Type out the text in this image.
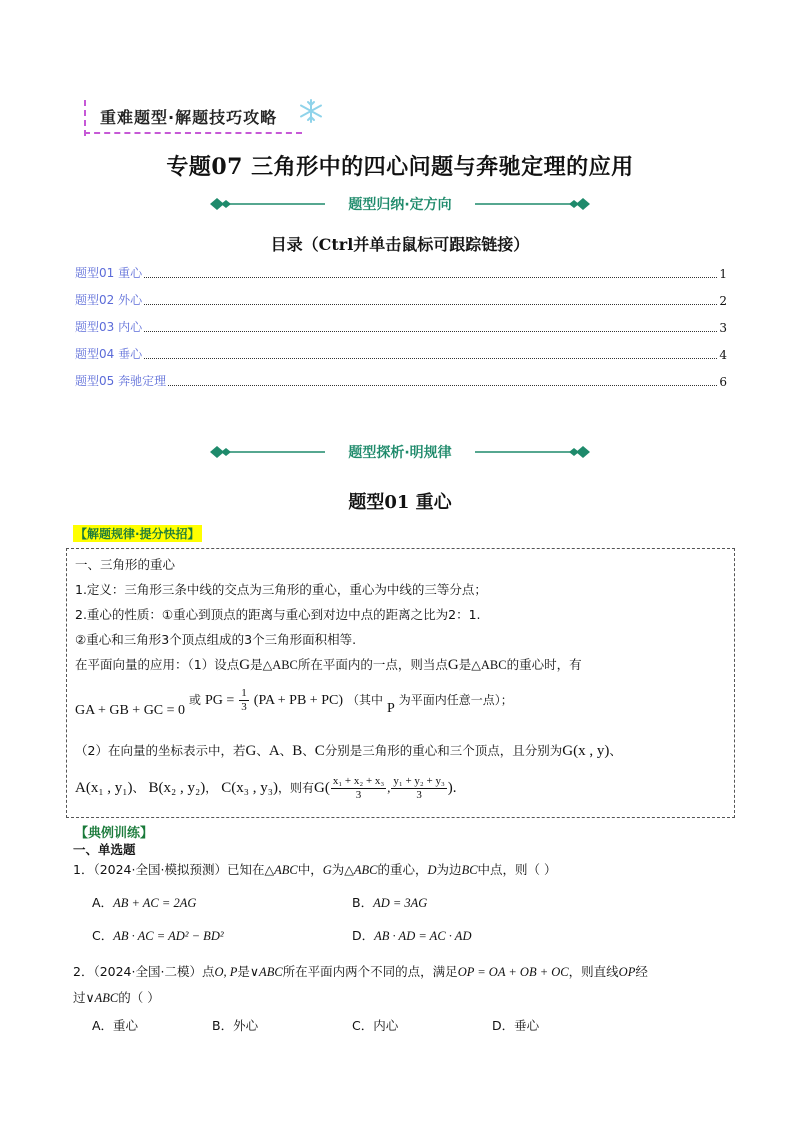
重难题型·解题技巧攻略
专题07 三角形中的四心问题与奔驰定理的应用
题型归纳·定方向
目录（Ctrl并单击鼠标可跟踪链接）
题型01 重心	1
题型02 外心	2
题型03 内心	3
题型04 垂心	4
题型05 奔驰定理	6
题型探析·明规律
题型01 重心
【解题规律·提分快招】
一、三角形的重心
1.定义：三角形三条中线的交点为三角形的重心，重心为中线的三等分点；
2.重心的性质：①重心到顶点的距离与重心到对边中点的距离之比为2：1.
②重心和三角形3个顶点组成的3个三角形面积相等.
在平面向量的应用：（1）设点G是△ABC所在平面内的一点，则当点G是△ABC的重心时，有
GA + GB + GC = 0 或 PG = $\frac{1}{3} (PA$ + PB + PC) （其中 P 为平面内任意一点）；
（2）在向量的坐标表示中，若G、A、B、C分别是三角形的重心和三个顶点，且分别为G(x , y)、
A(x₁ , y₁)、 B(x₂ , y₂)， C(x₃ , y₃)，则有$G( \frac{\text{x₁ + x₂ + x₃}}{3}$ , $\frac{\text{y₁ + y₂ + y₃}}{3}$ ).
【典例训练】
一、单选题
1．（2024·全国·模拟预测）已知在△ABC中，G为△ABC的重心，D为边BC中点，则（ ）
A．AB + AC = 2AG	B．AD = 3AG
C．AB · AC = AD² − BD²	D．AB · AD = AC · AD
2．（2024·全国·二模）点O, P是∨ABC所在平面内两个不同的点，满足OP = OA + OB + OC，则直线OP经
过∨ABC的（ ）
A．重心	B．外心	C．内心	D．垂心
